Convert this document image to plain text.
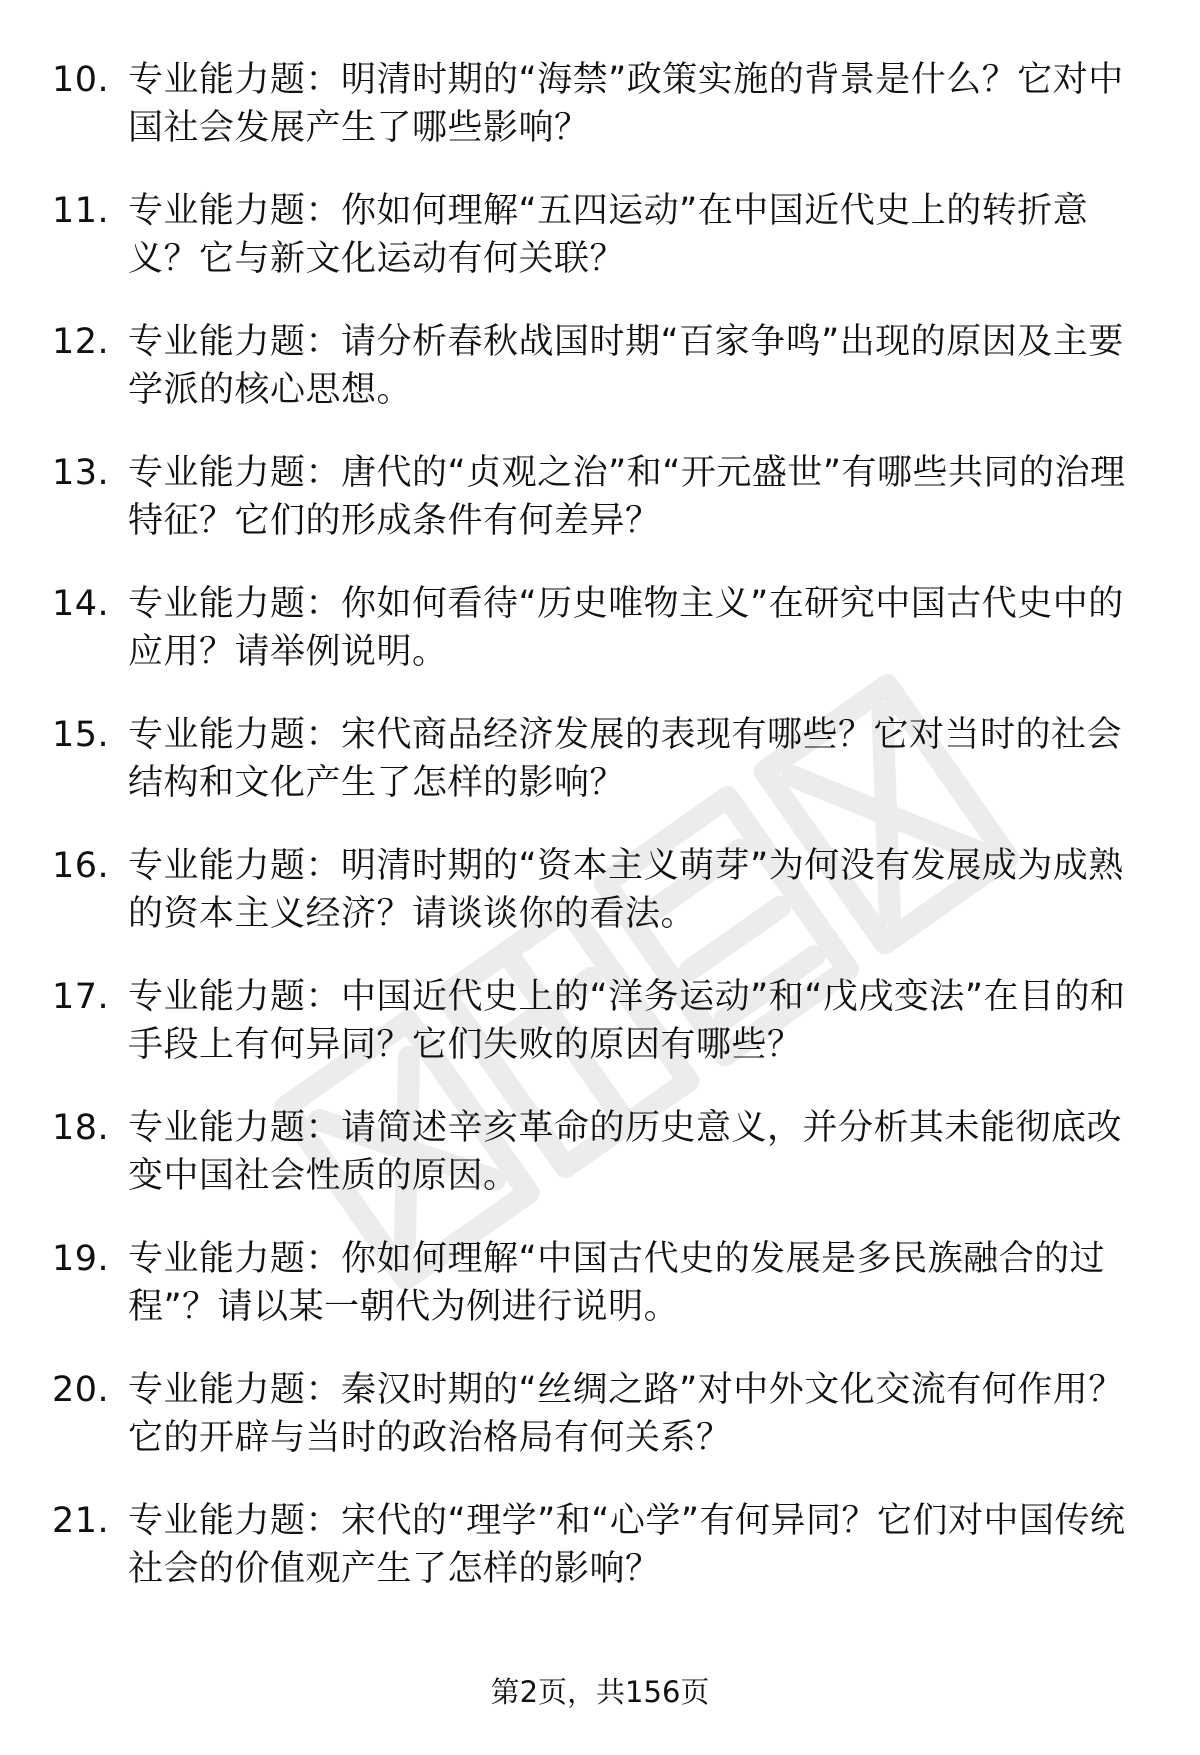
10. 专业能力题：明清时期的“海禁”政策实施的背景是什么？它对中国社会发展产生了哪些影响？
11. 专业能力题：你如何理解“五四运动”在中国近代史上的转折意义？它与新文化运动有何关联？
12. 专业能力题：请分析春秋战国时期“百家争鸣”出现的原因及主要学派的核心思想。
13. 专业能力题：唐代的“贞观之治”和“开元盛世”有哪些共同的治理特征？它们的形成条件有何差异？
14. 专业能力题：你如何看待“历史唯物主义”在研究中国古代史中的应用？请举例说明。
15. 专业能力题：宋代商品经济发展的表现有哪些？它对当时的社会结构和文化产生了怎样的影响？
16. 专业能力题：明清时期的“资本主义萌芽”为何没有发展成为成熟的资本主义经济？请谈谈你的看法。
17. 专业能力题：中国近代史上的“洋务运动”和“戊戌变法”在目的和手段上有何异同？它们失败的原因有哪些？
18. 专业能力题：请简述辛亥革命的历史意义，并分析其未能彻底改变中国社会性质的原因。
19. 专业能力题：你如何理解“中国古代史的发展是多民族融合的过程”？请以某一朝代为例进行说明。
20. 专业能力题：秦汉时期的“丝绸之路”对中外文化交流有何作用？它的开辟与当时的政治格局有何关系？
21. 专业能力题：宋代的“理学”和“心学”有何异同？它们对中国传统社会的价值观产生了怎样的影响？
第2页，共156页
